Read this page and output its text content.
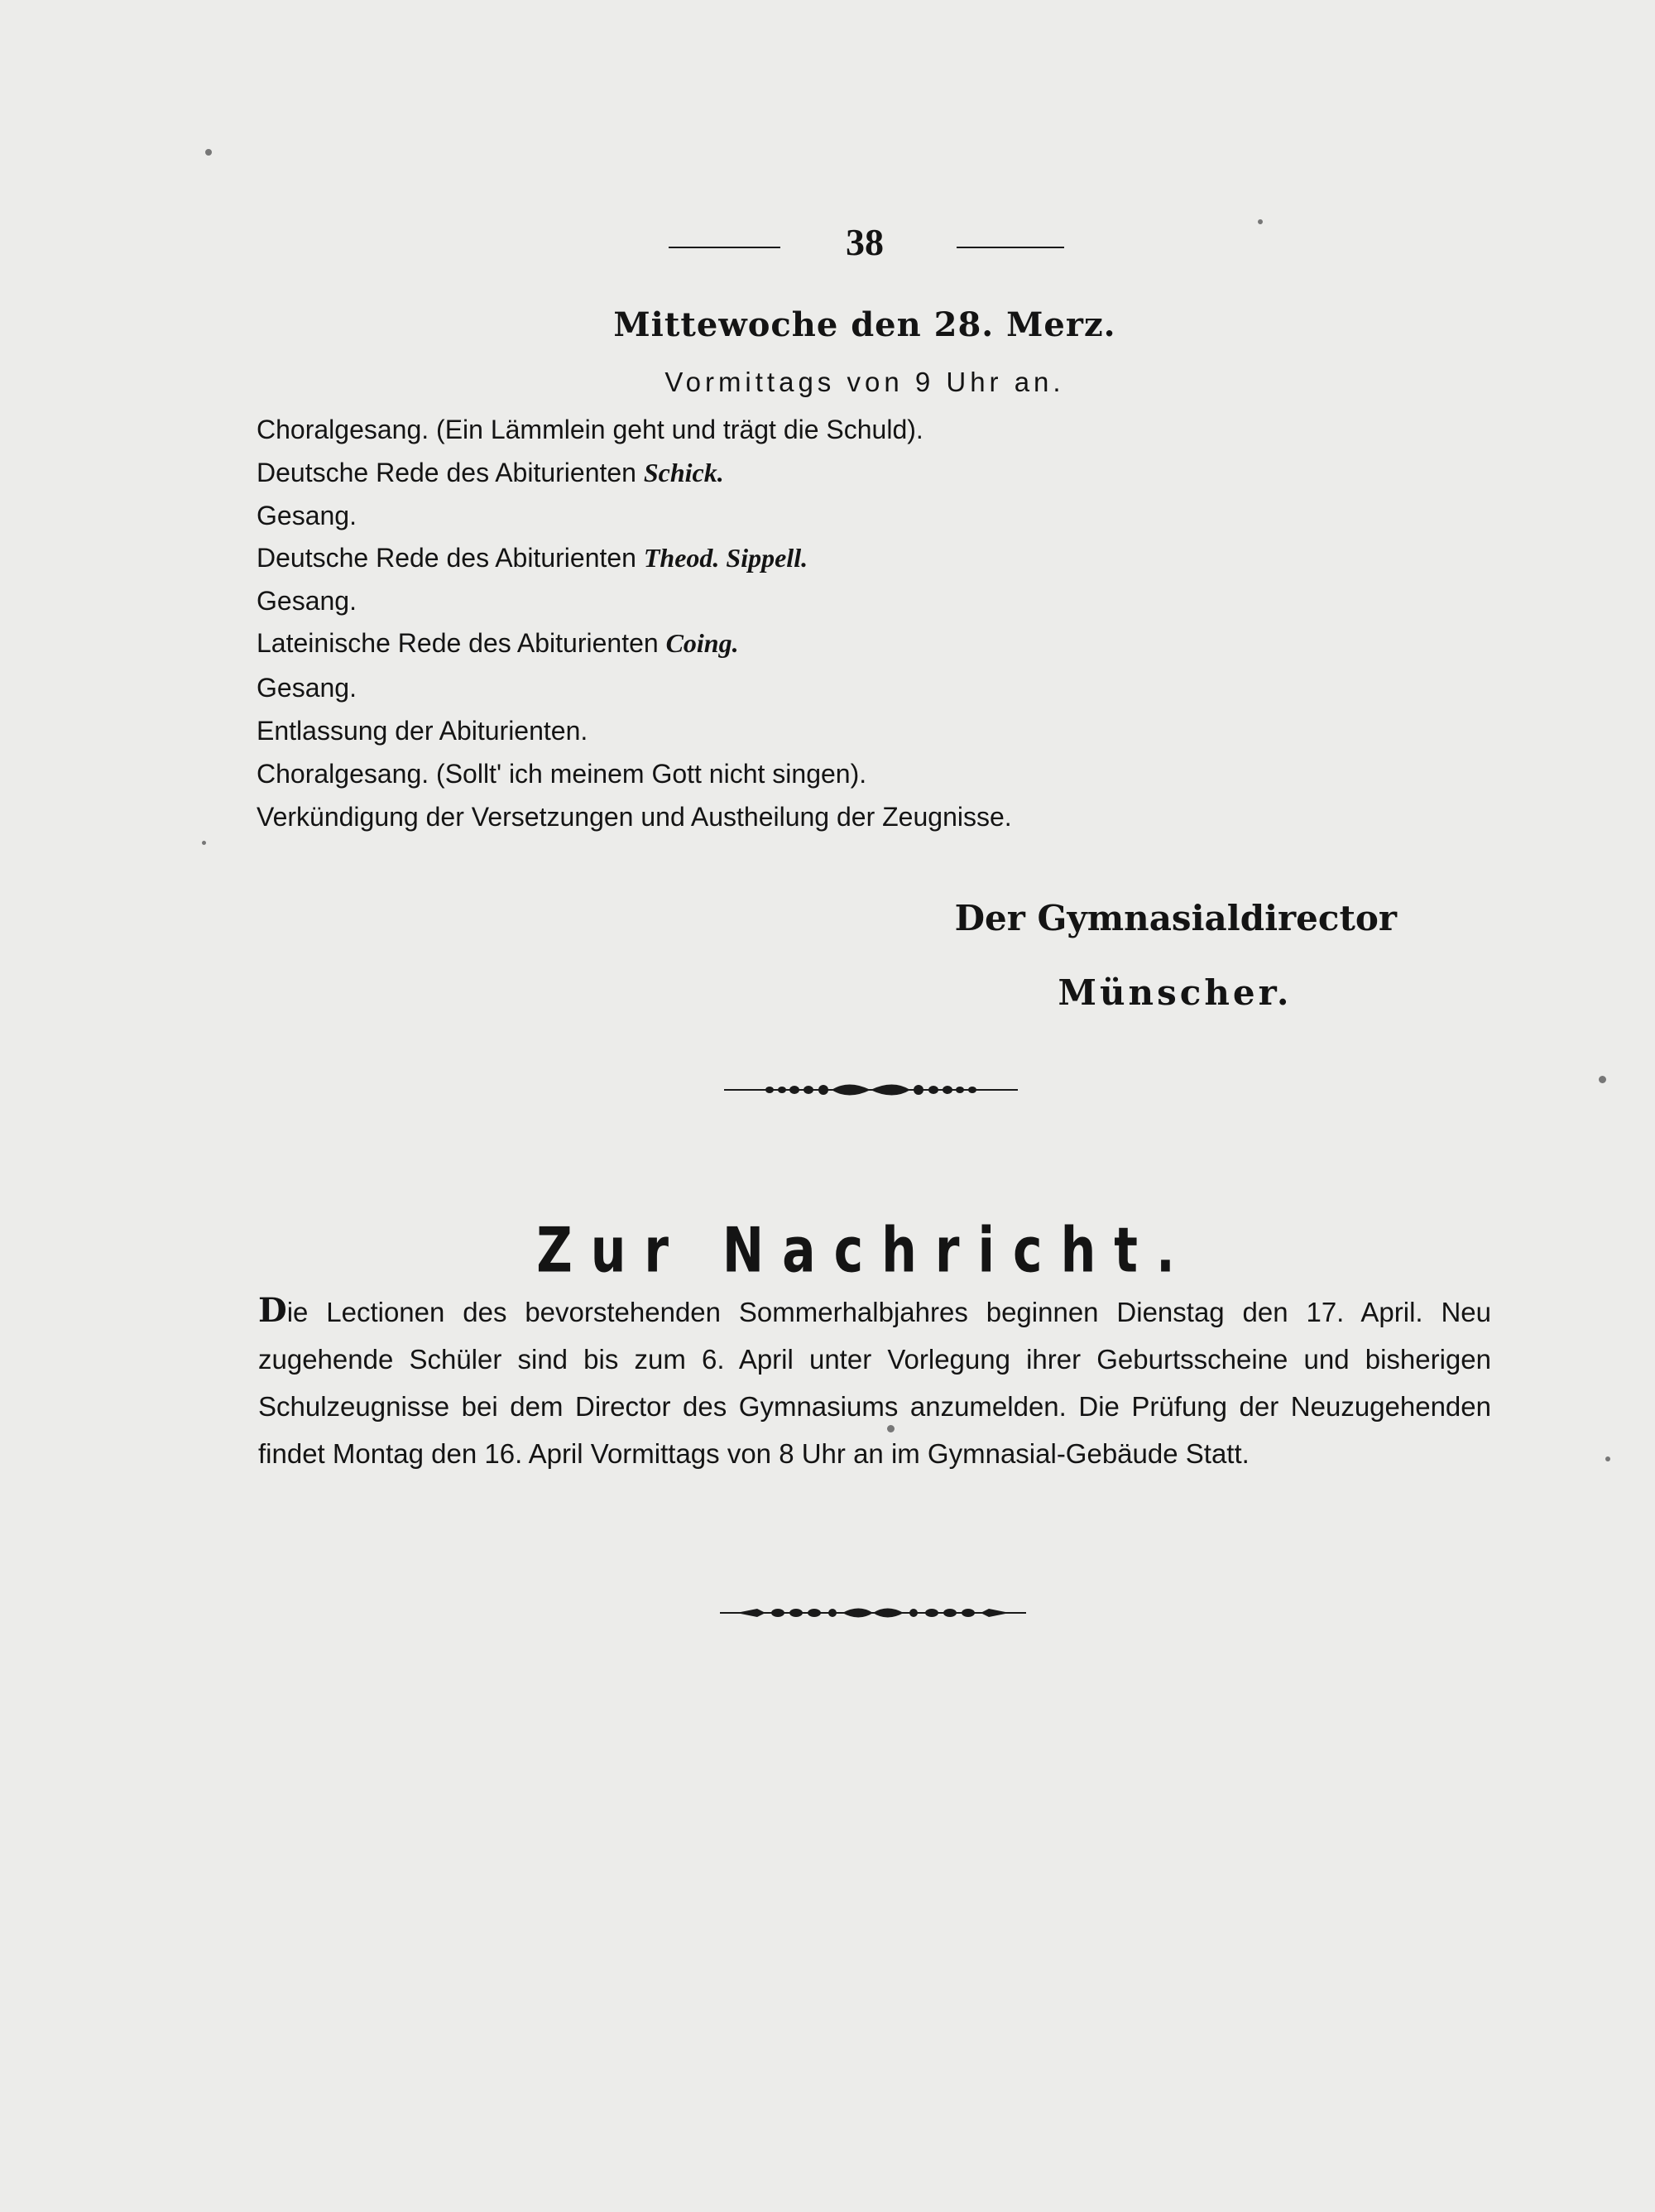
38
Mittewoche den 28. Merz.
Vormittags von 9 Uhr an.
Choralgesang. (Ein Lämmlein geht und trägt die Schuld).
Deutsche Rede des Abiturienten Schick.
Gesang.
Deutsche Rede des Abiturienten Theod. Sippell.
Gesang.
Lateinische Rede des Abiturienten Coing.
Gesang.
Entlassung der Abiturienten.
Choralgesang. (Sollt' ich meinem Gott nicht singen).
Verkündigung der Versetzungen und Austheilung der Zeugnisse.
Der Gymnasialdirector
Münscher.
Zur Nachricht.

Die Lectionen des bevorstehenden Sommerhalbjahres beginnen Dienstag den 17. April. Neu zugehende Schüler sind bis zum 6. April unter Vorlegung ihrer Geburtsscheine und bisherigen Schulzeugnisse bei dem Director des Gymnasiums anzumelden. Die Prüfung der Neuzugehenden findet Montag den 16. April Vormittags von 8 Uhr an im Gymnasial-Gebäude Statt.
